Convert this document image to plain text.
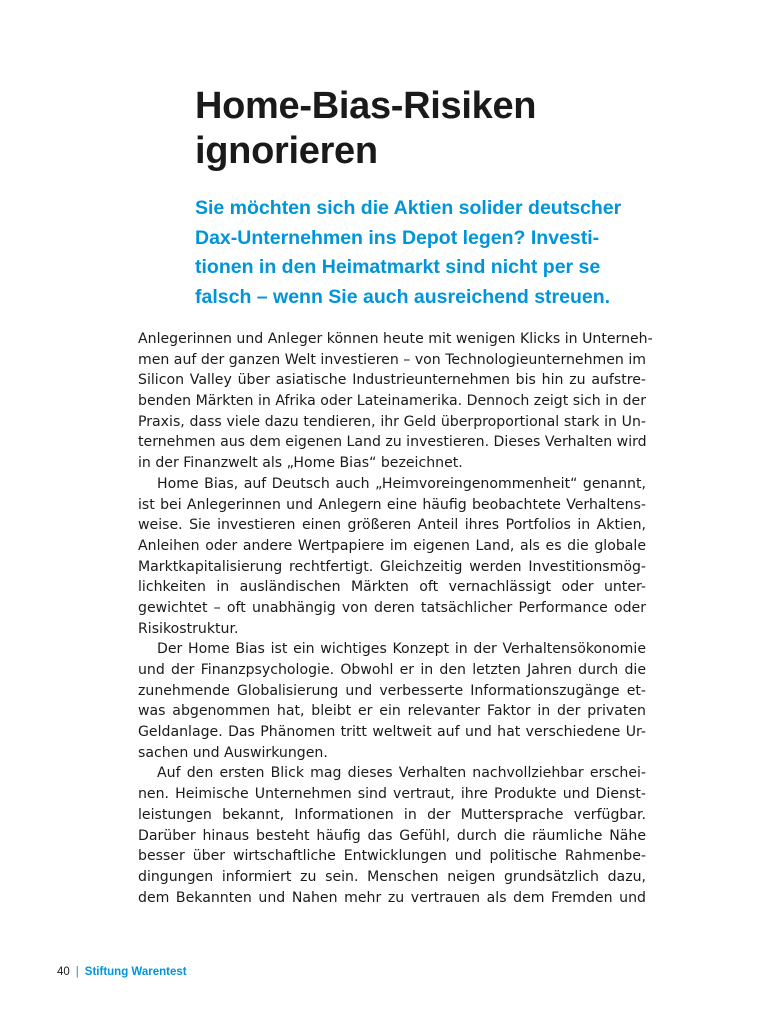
Home-Bias-Risiken
ignorieren

Sie möchten sich die Aktien solider deutscher
Dax-Unternehmen ins Depot legen? Investi-
tionen in den Heimatmarkt sind nicht per se
falsch – wenn Sie auch ausreichend streuen.

Anlegerinnen und Anleger können heute mit wenigen Klicks in Unterneh-
men auf der ganzen Welt investieren – von Technologieunternehmen im
Silicon Valley über asiatische Industrieunternehmen bis hin zu aufstre-
benden Märkten in Afrika oder Lateinamerika. Dennoch zeigt sich in der
Praxis, dass viele dazu tendieren, ihr Geld überproportional stark in Un-
ternehmen aus dem eigenen Land zu investieren. Dieses Verhalten wird
in der Finanzwelt als „Home Bias“ bezeichnet.
Home Bias, auf Deutsch auch „Heimvoreingenommenheit“ genannt,
ist bei Anlegerinnen und Anlegern eine häufig beobachtete Verhaltens-
weise. Sie investieren einen größeren Anteil ihres Portfolios in Aktien,
Anleihen oder andere Wertpapiere im eigenen Land, als es die globale
Marktkapitalisierung rechtfertigt. Gleichzeitig werden Investitionsmög-
lichkeiten in ausländischen Märkten oft vernachlässigt oder unter-
gewichtet – oft unabhängig von deren tatsächlicher Performance oder
Risikostruktur.
Der Home Bias ist ein wichtiges Konzept in der Verhaltensökonomie
und der Finanzpsychologie. Obwohl er in den letzten Jahren durch die
zunehmende Globalisierung und verbesserte Informationszugänge et-
was abgenommen hat, bleibt er ein relevanter Faktor in der privaten
Geldanlage. Das Phänomen tritt weltweit auf und hat verschiedene Ur-
sachen und Auswirkungen.
Auf den ersten Blick mag dieses Verhalten nachvollziehbar erschei-
nen. Heimische Unternehmen sind vertraut, ihre Produkte und Dienst-
leistungen bekannt, Informationen in der Muttersprache verfügbar.
Darüber hinaus besteht häufig das Gefühl, durch die räumliche Nähe
besser über wirtschaftliche Entwicklungen und politische Rahmenbe-
dingungen informiert zu sein. Menschen neigen grundsätzlich dazu,
dem Bekannten und Nahen mehr zu vertrauen als dem Fremden und
40 | Stiftung Warentest
